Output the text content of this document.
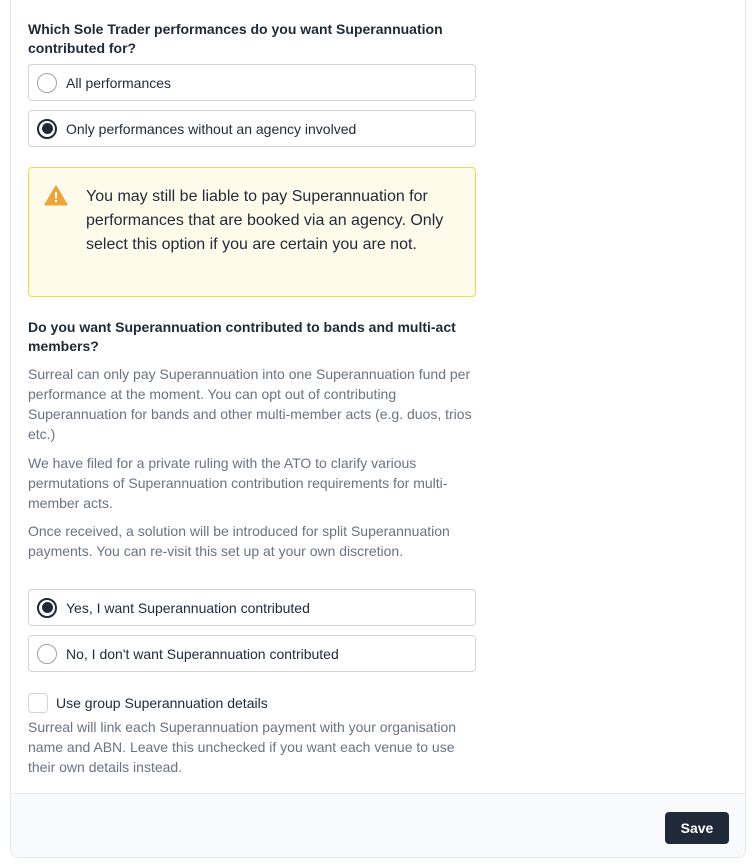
Which Sole Trader performances do you want Superannuation contributed for?
All performances
Only performances without an agency involved
You may still be liable to pay Superannuation for performances that are booked via an agency. Only select this option if you are certain you are not.
Do you want Superannuation contributed to bands and multi-act members?
Surreal can only pay Superannuation into one Superannuation fund per performance at the moment. You can opt out of contributing Superannuation for bands and other multi-member acts (e.g. duos, trios etc.)
We have filed for a private ruling with the ATO to clarify various permutations of Superannuation contribution requirements for multi-member acts.
Once received, a solution will be introduced for split Superannuation payments. You can re-visit this set up at your own discretion.
Yes, I want Superannuation contributed
No, I don't want Superannuation contributed
Use group Superannuation details
Surreal will link each Superannuation payment with your organisation name and ABN. Leave this unchecked if you want each venue to use their own details instead.
Save
